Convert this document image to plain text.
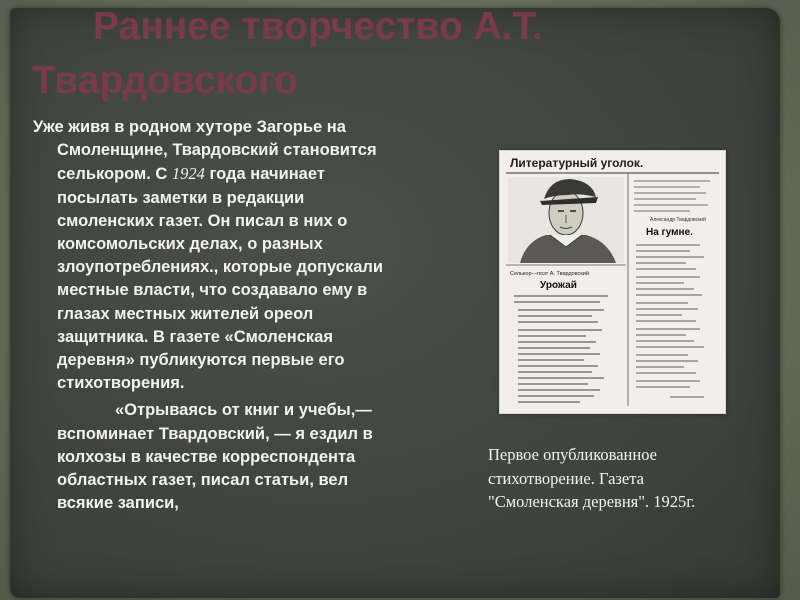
Раннее творчество А.Т.
Твардовского

Уже живя в родном хуторе Загорье на Смоленщине, Твардовский становится селькором. С 1924 года начинает посылать заметки в редакции смоленских газет. Он писал в них о комсомольских делах, о разных злоупотреблениях., которые допускали местные власти, что создавало ему в глазах местных жителей ореол защитника. В газете «Смоленская деревня» публикуются первые его стихотворения.

«Отрываясь от книг и учебы,— вспоминает Твардовский, — я ездил в колхозы в качестве корреспондента областных газет, писал статьи, вел всякие записи,

Литературный уголок.
Селькор—поэт А. Твардовский
Урожай
Александр Твардовский
На гумне.
Первое опубликованное
стихотворение. Газета
"Смоленская деревня". 1925г.
